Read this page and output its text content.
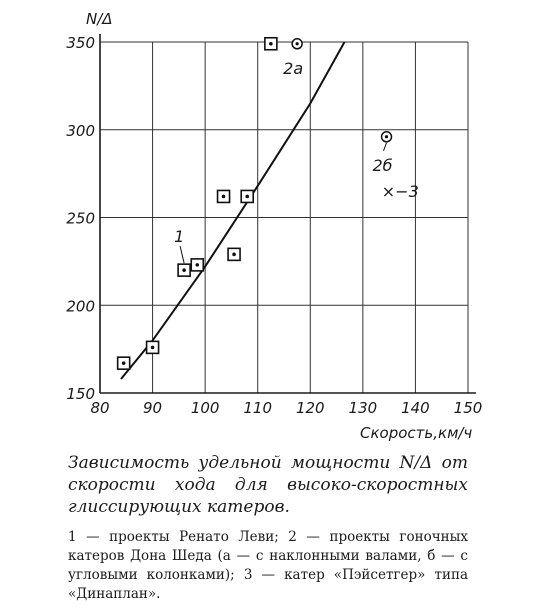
80 90 100 110 120 130 140 150
150
200
250
300
350
N/Δ
Скорость,км/ч
1
2а
2б
×−3

Зависимость удельной мощности N/Δ от скорости хода для высоко-скоростных глиссирующих катеров.

1 — проекты Ренато Леви; 2 — проекты гоночных катеров Дона Шеда (а — с наклонными валами, б — с угловыми колонками); 3 — катер «Пэйсетгер» типа «Динаплан».
